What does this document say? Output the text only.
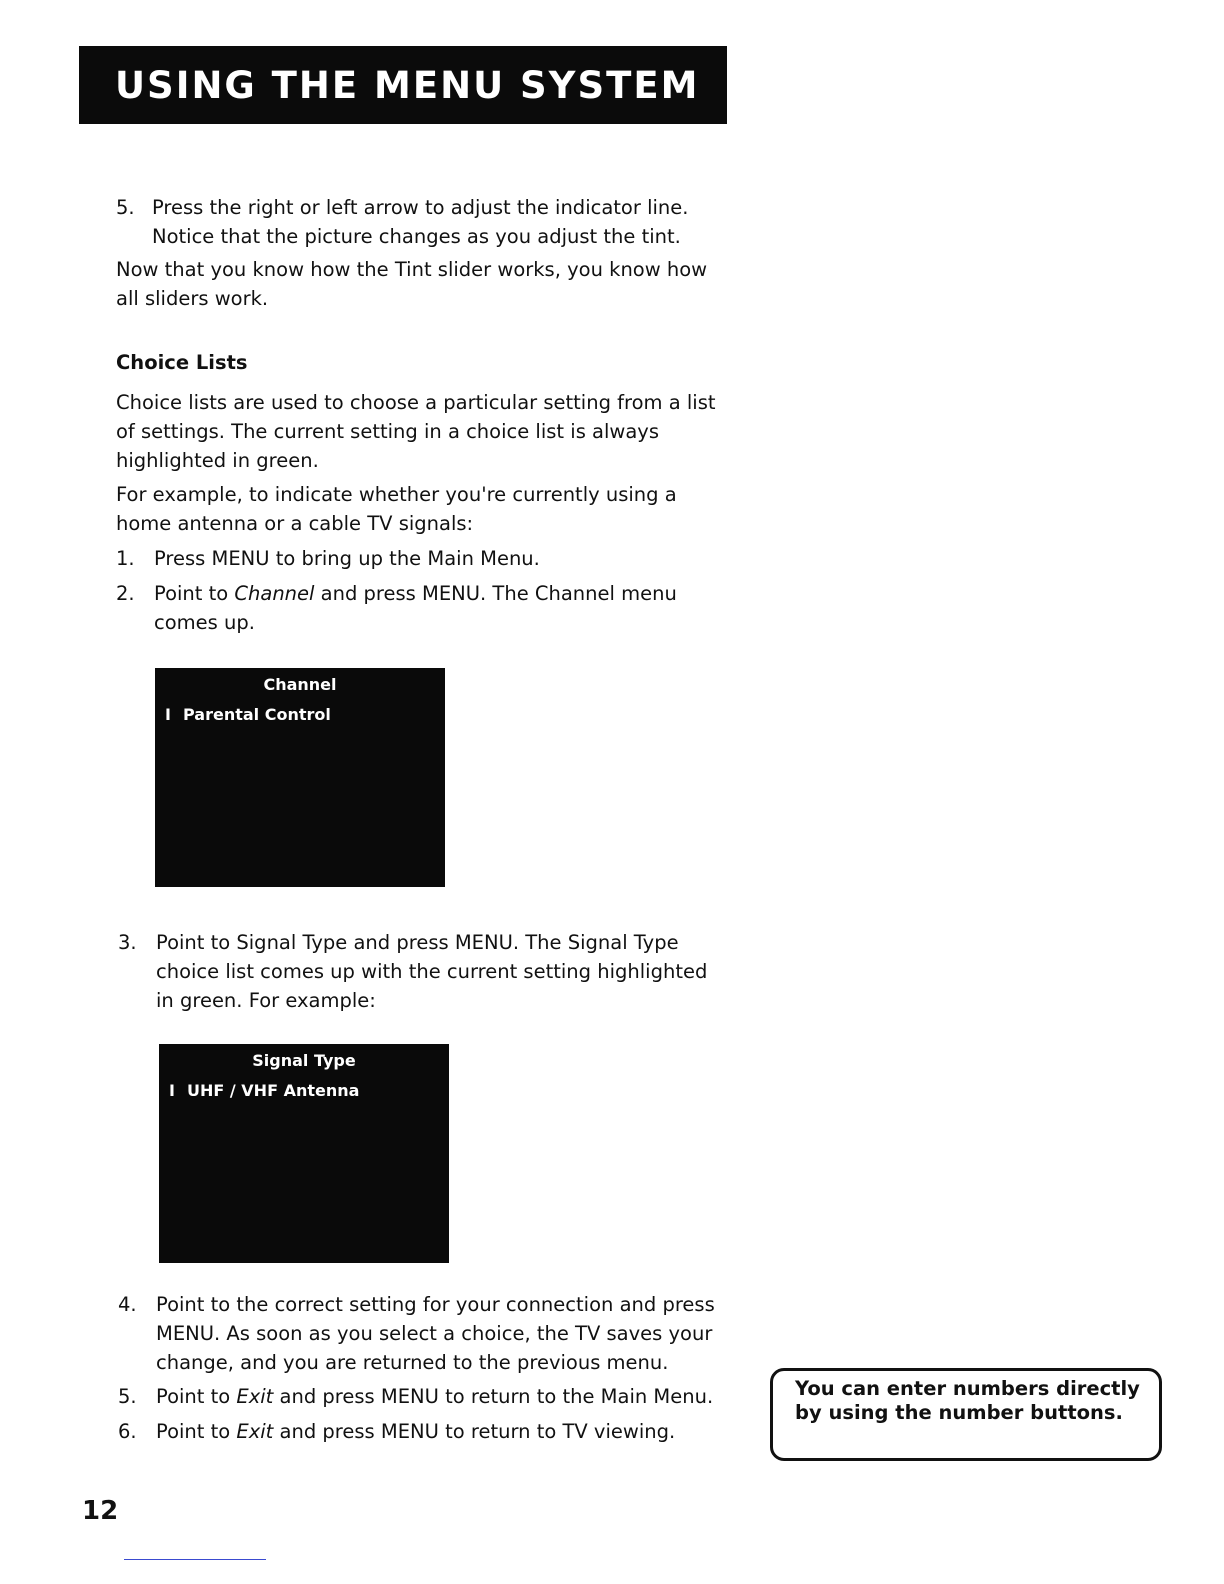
USING THE MENU SYSTEM
5. Press the right or left arrow to adjust the indicator line. Notice that the picture changes as you adjust the tint.

Now that you know how the Tint slider works, you know how all sliders work.

Choice Lists

Choice lists are used to choose a particular setting from a list of settings. The current setting in a choice list is always highlighted in green.

For example, to indicate whether you're currently using a home antenna or a cable TV signals:

1. Press MENU to bring up the Main Menu.
2. Point to Channel and press MENU. The Channel menu comes up.
Channel
I Parental Control
3. Point to Signal Type and press MENU. The Signal Type choice list comes up with the current setting highlighted in green. For example:
Signal Type
I UHF / VHF Antenna
4. Point to the correct setting for your connection and press MENU. As soon as you select a choice, the TV saves your change, and you are returned to the previous menu.
5. Point to Exit and press MENU to return to the Main Menu.
6. Point to Exit and press MENU to return to TV viewing.
You can enter numbers directly by using the number buttons.
12
